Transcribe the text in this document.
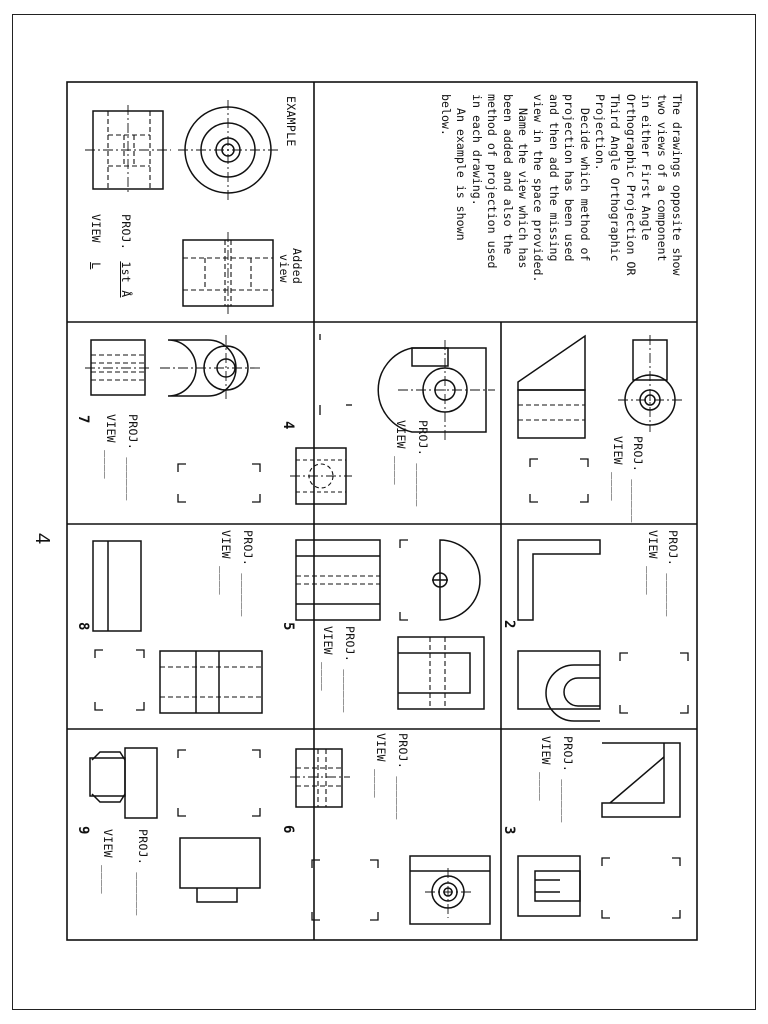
4
The drawings opposite show
two views of a component
in either First Angle
Orthographic Projection OR
Third Angle Orthographic
Projection.
Decide which method of
projection has been used
and then add the missing
view in the space provided.
Name the view which has
been added and also the
method of projection used
in each drawing.
An example is shown
below.
EXAMPLE
Added
view
PROJ. 1st Å
VIEW L
PROJ. ______
VIEW ____
PROJ. ______
VIEW ____
2
PROJ. ______
VIEW ____
3
PROJ. ______
VIEW ____
4
PROJ. ______
VIEW ____
5
PROJ. ______
VIEW ____
6
PROJ. ______
VIEW ____
7
PROJ. ______
VIEW ____
8
PROJ. ______
VIEW ____
9
